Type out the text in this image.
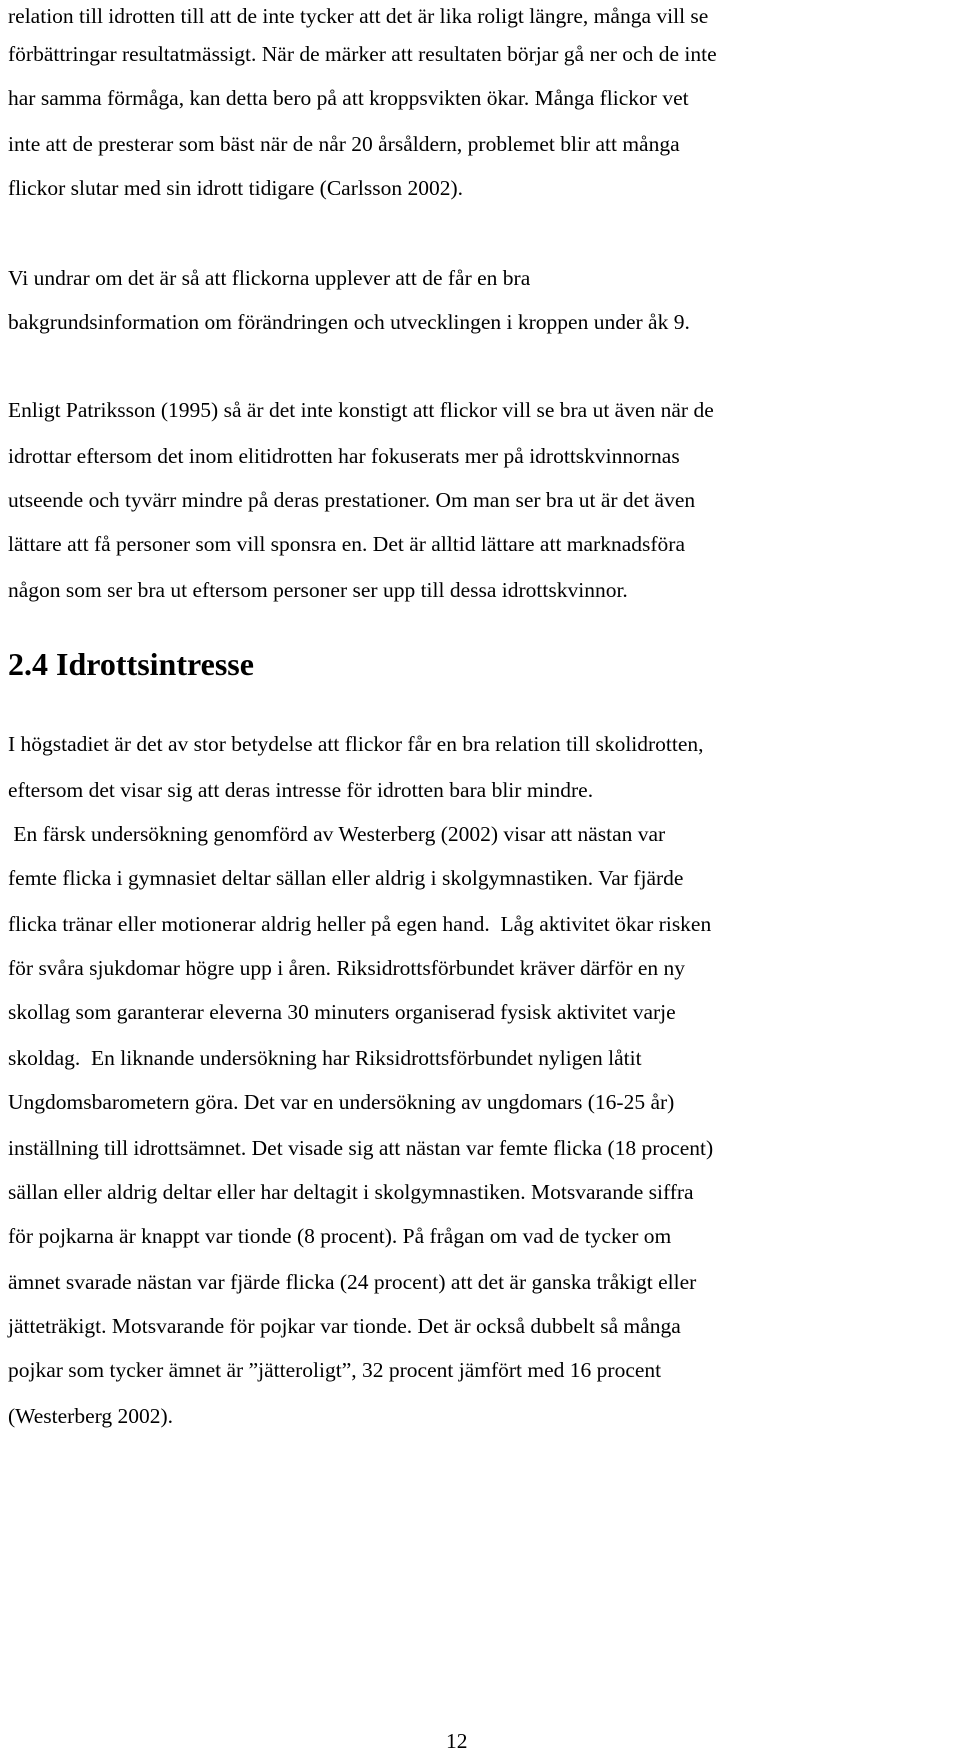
relation till idrotten till att de inte tycker att det är lika roligt längre, många vill se
förbättringar resultatmässigt. När de märker att resultaten börjar gå ner och de inte
har samma förmåga, kan detta bero på att kroppsvikten ökar. Många flickor vet
inte att de presterar som bäst när de når 20 årsåldern, problemet blir att många
flickor slutar med sin idrott tidigare (Carlsson 2002).
Vi undrar om det är så att flickorna upplever att de får en bra
bakgrundsinformation om förändringen och utvecklingen i kroppen under åk 9.
Enligt Patriksson (1995) så är det inte konstigt att flickor vill se bra ut även när de
idrottar eftersom det inom elitidrotten har fokuserats mer på idrottskvinnornas
utseende och tyvärr mindre på deras prestationer. Om man ser bra ut är det även
lättare att få personer som vill sponsra en. Det är alltid lättare att marknadsföra
någon som ser bra ut eftersom personer ser upp till dessa idrottskvinnor.
2.4 Idrottsintresse
I högstadiet är det av stor betydelse att flickor får en bra relation till skolidrotten,
eftersom det visar sig att deras intresse för idrotten bara blir mindre.
En färsk undersökning genomförd av Westerberg (2002) visar att nästan var
femte flicka i gymnasiet deltar sällan eller aldrig i skolgymnastiken. Var fjärde
flicka tränar eller motionerar aldrig heller på egen hand.  Låg aktivitet ökar risken
för svåra sjukdomar högre upp i åren. Riksidrottsförbundet kräver därför en ny
skollag som garanterar eleverna 30 minuters organiserad fysisk aktivitet varje
skoldag.  En liknande undersökning har Riksidrottsförbundet nyligen låtit
Ungdomsbarometern göra. Det var en undersökning av ungdomars (16-25 år)
inställning till idrottsämnet. Det visade sig att nästan var femte flicka (18 procent)
sällan eller aldrig deltar eller har deltagit i skolgymnastiken. Motsvarande siffra
för pojkarna är knappt var tionde (8 procent). På frågan om vad de tycker om
ämnet svarade nästan var fjärde flicka (24 procent) att det är ganska tråkigt eller
jätteträkigt. Motsvarande för pojkar var tionde. Det är också dubbelt så många
pojkar som tycker ämnet är ”jätteroligt”, 32 procent jämfört med 16 procent
(Westerberg 2002).
12
